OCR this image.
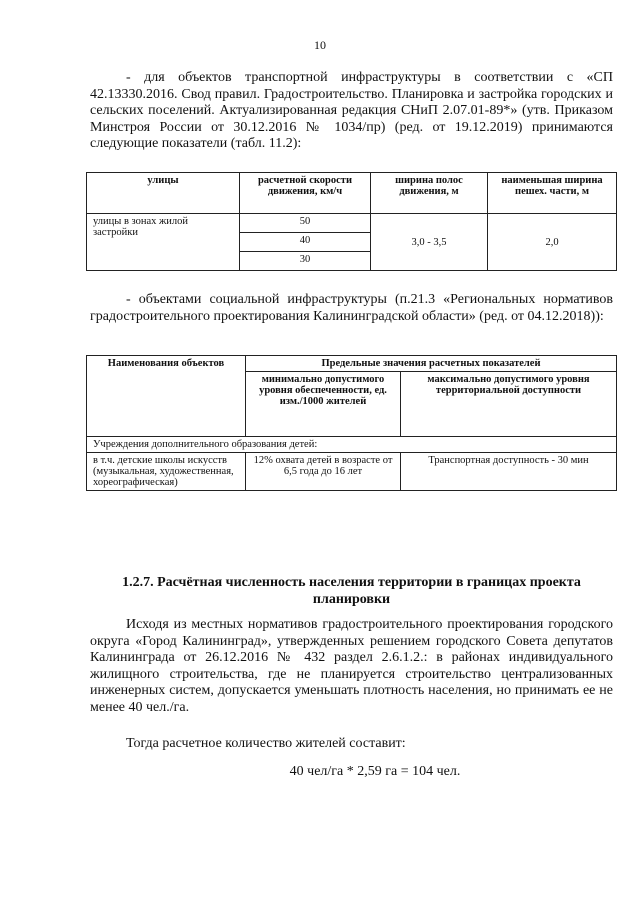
10
- для объектов транспортной инфраструктуры в соответствии с «СП 42.13330.2016. Свод правил. Градостроительство. Планировка и застройка городских и сельских поселений. Актуализированная редакция СНиП 2.07.01-89*» (утв. Приказом Минстроя России от 30.12.2016 № 1034/пр) (ред. от 19.12.2019) принимаются следующие показатели (табл. 11.2):
улицы	расчетной скорости движения, км/ч	ширина полос движения, м	наименьшая ширина пешех. части, м
улицы в зонах жилой застройки	50	3,0 - 3,5	2,0
	40		
	30		
- объектами социальной инфраструктуры (п.21.3 «Региональных нормативов градостроительного проектирования Калининградской области» (ред. от 04.12.2018)):
Наименования объектов	Предельные значения расчетных показателей	
	минимально допустимого уровня обеспеченности, ед. изм./1000 жителей	максимально допустимого уровня территориальной доступности
Учреждения дополнительного образования детей:		
в т.ч. детские школы искусств (музыкальная, художественная, хореографическая)	12% охвата детей в возрасте от 6,5 года до 16 лет	Транспортная доступность - 30 мин
1.2.7. Расчётная численность населения территории в границах проекта планировки
Исходя из местных нормативов градостроительного проектирования городского округа «Город Калининград», утвержденных решением городского Совета депутатов Калининграда от 26.12.2016 № 432 раздел 2.6.1.2.: в районах индивидуального жилищного строительства, где не планируется строительство централизованных инженерных систем, допускается уменьшать плотность населения, но принимать ее не менее 40 чел./га.
Тогда расчетное количество жителей составит:
40 чел/га * 2,59 га = 104 чел.
